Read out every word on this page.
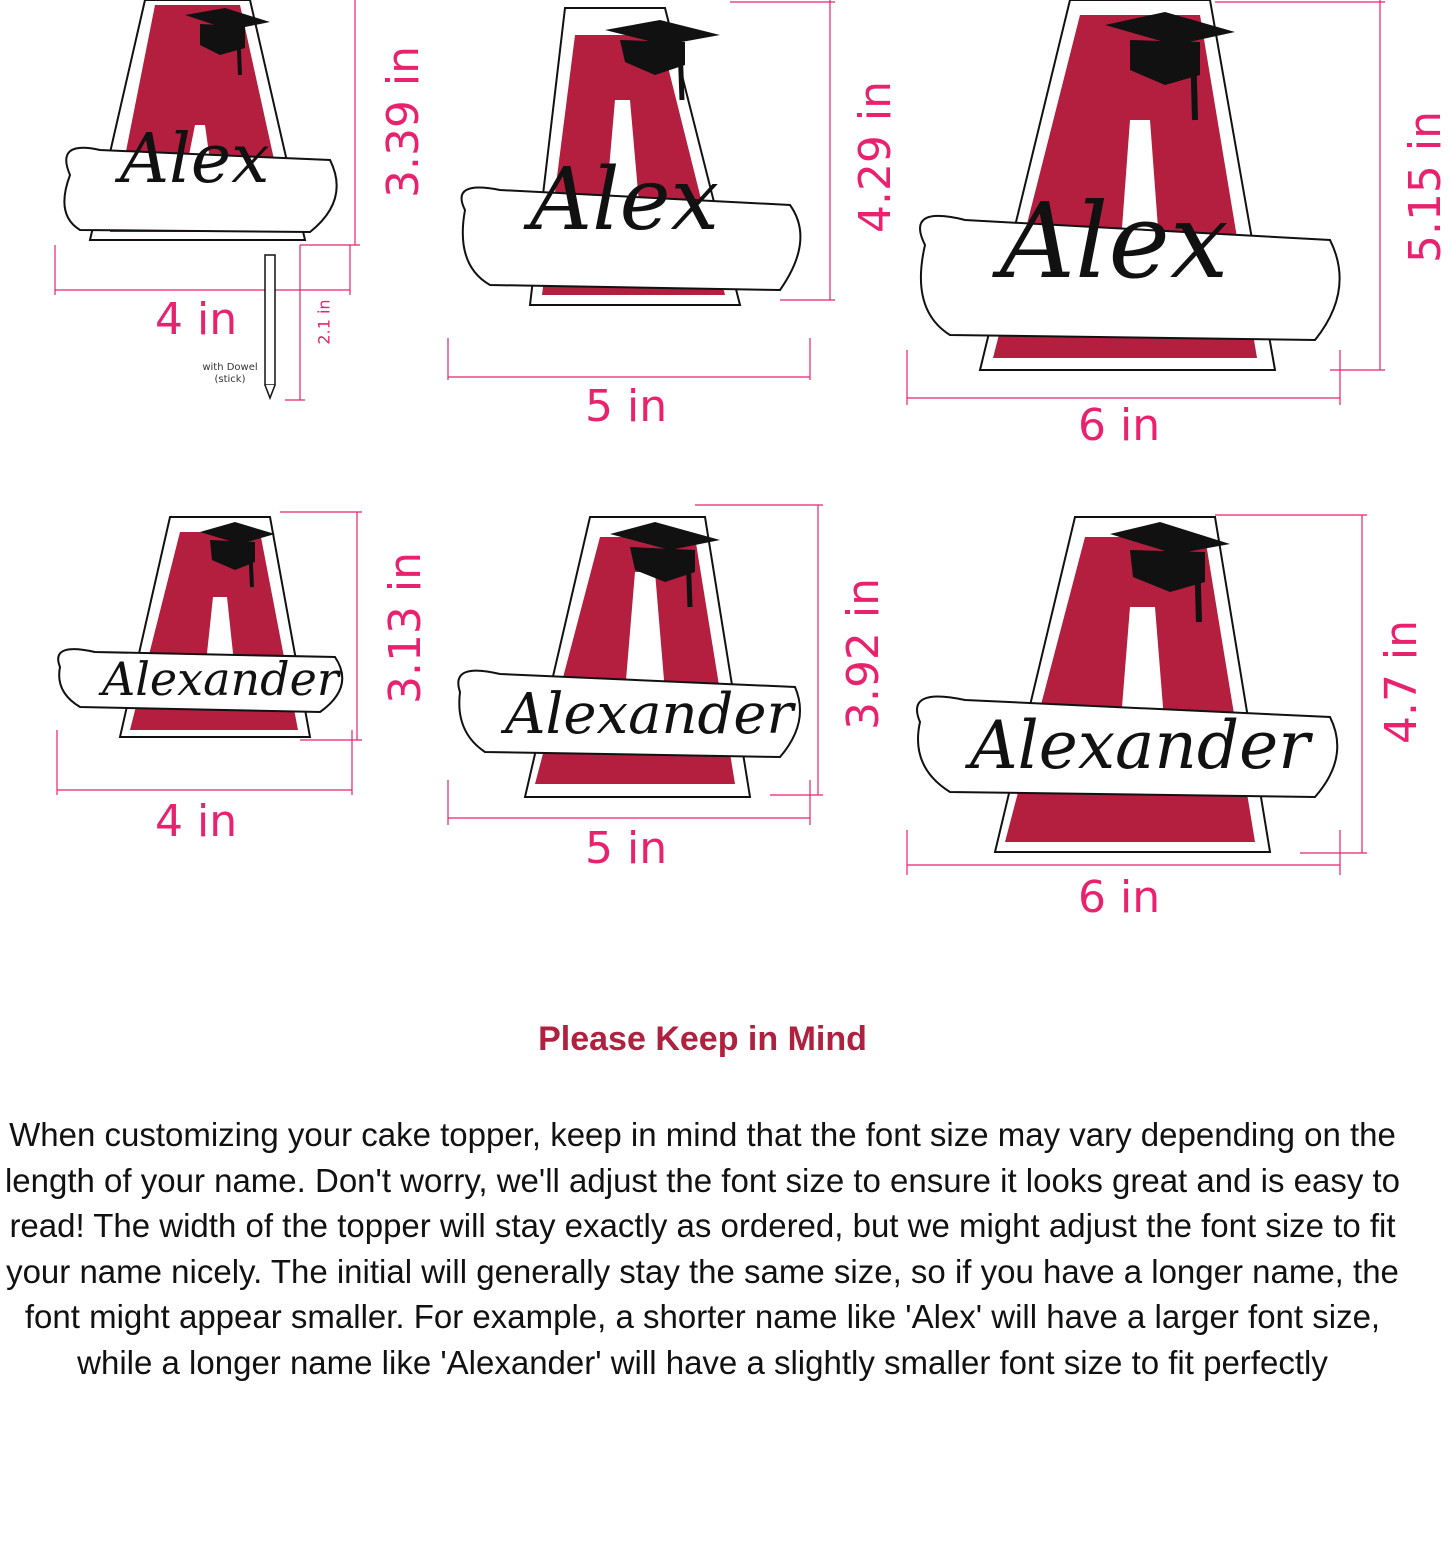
Alex	Alex	Alex
Alexander
Alexander	Alexander
4 in
3.39 in
2.1 in
with Dowel
(stick)
5 in
4.29 in
6 in
5.15 in
4 in
3.13 in
5 in
3.92 in
6 in
4.7 in
Please Keep in Mind
When customizing your cake topper, keep in mind that the font size may vary depending on the length of your name. Don't worry, we'll adjust the font size to ensure it looks great and is easy to read! The width of the topper will stay exactly as ordered, but we might adjust the font size to fit your name nicely. The initial will generally stay the same size, so if you have a longer name, the font might appear smaller. For example, a shorter name like 'Alex' will have a larger font size, while a longer name like 'Alexander' will have a slightly smaller font size to fit perfectly
